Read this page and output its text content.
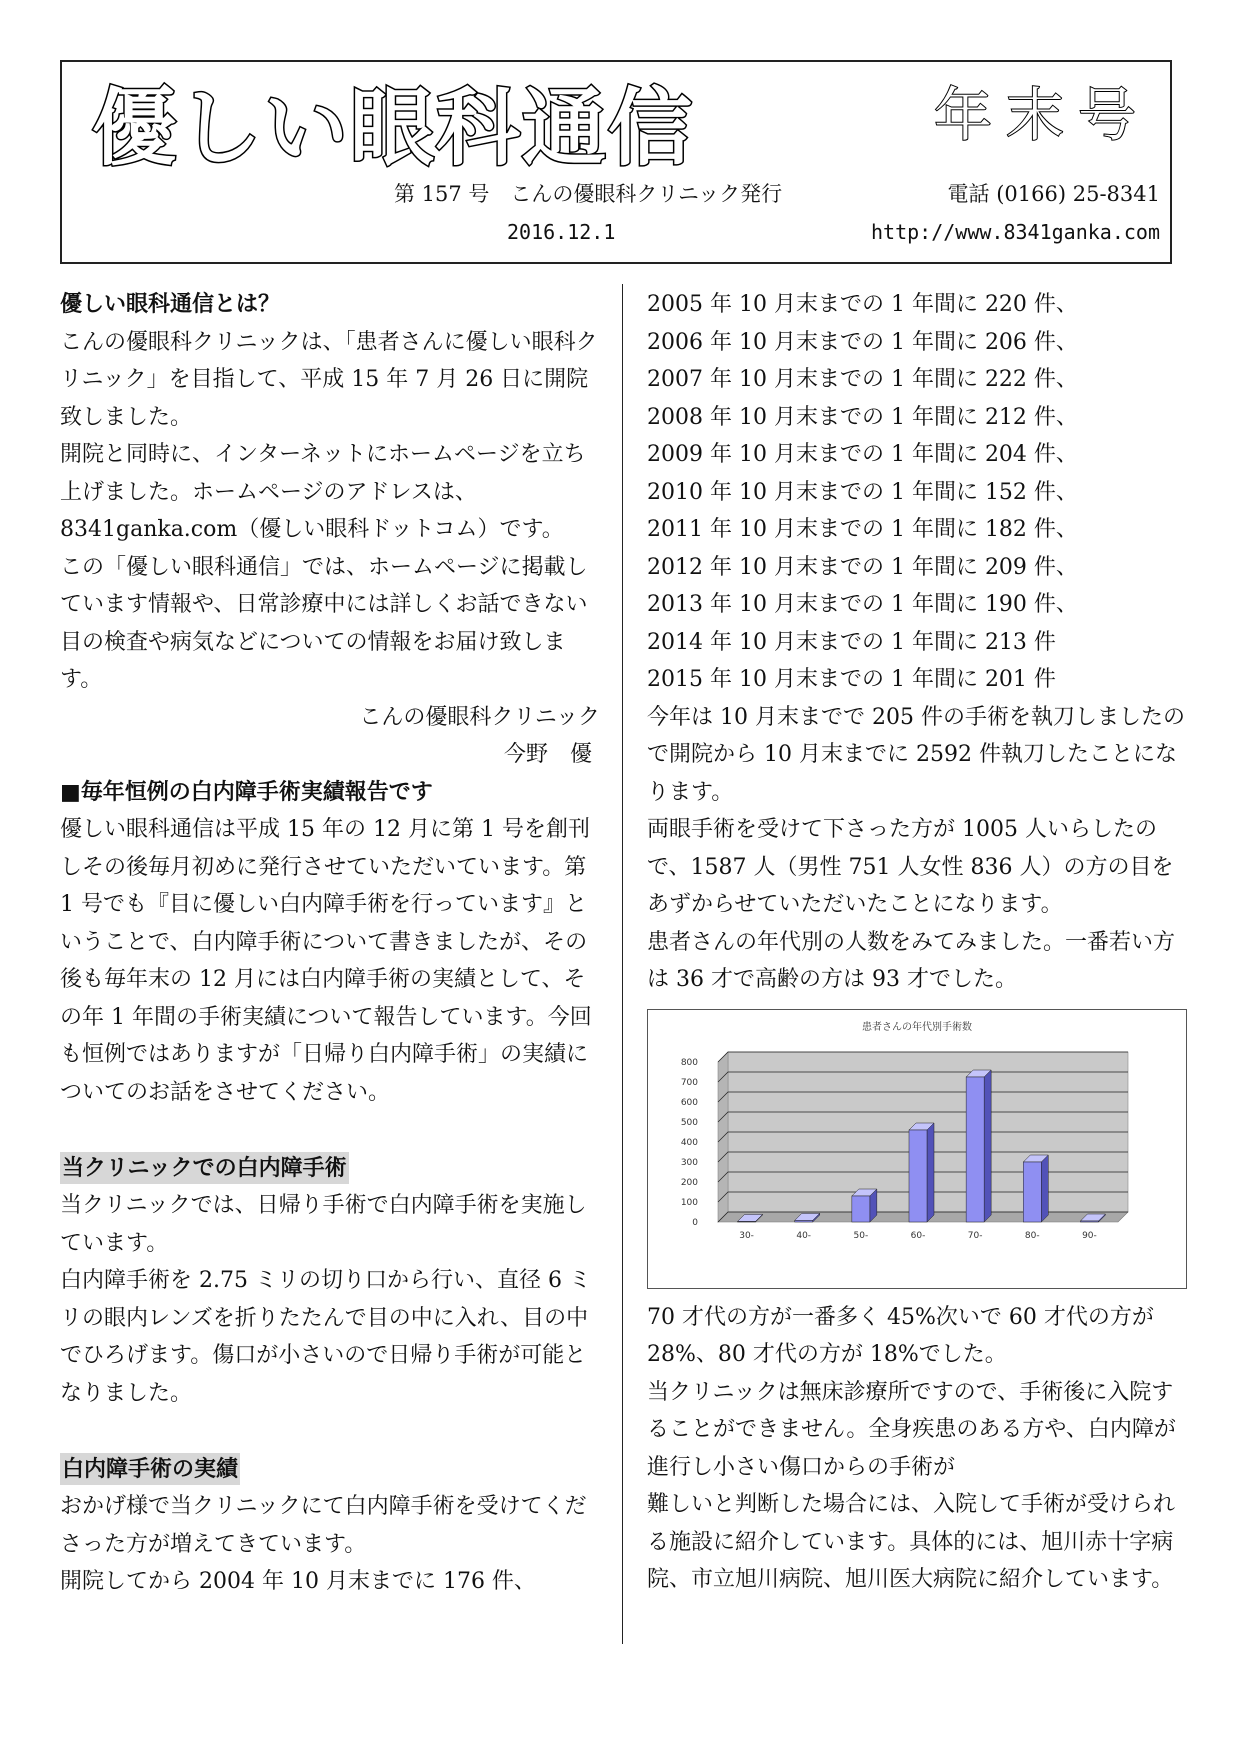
優しい眼科通信	年末号
第 157 号　こんの優眼科クリニック発行	電話 (0166) 25-8341
2016.12.1	http://www.8341ganka.com

優しい眼科通信とは？

こんの優眼科クリニックは、「患者さんに優しい眼科クリニック」を目指して、平成 15 年 7 月 26 日に開院致しました。

開院と同時に、インターネットにホームページを立ち上げました。ホームページのアドレスは、8341ganka.com（優しい眼科ドットコム）です。

この「優しい眼科通信」では、ホームページに掲載しています情報や、日常診療中には詳しくお話できない目の検査や病気などについての情報をお届け致します。

こんの優眼科クリニック

今野　優

■毎年恒例の白内障手術実績報告です

優しい眼科通信は平成 15 年の 12 月に第 1 号を創刊しその後毎月初めに発行させていただいています。第 1 号でも『目に優しい白内障手術を行っています』ということで、白内障手術について書きましたが、その後も毎年末の 12 月には白内障手術の実績として、その年 1 年間の手術実績について報告しています。今回も恒例ではありますが「日帰り白内障手術」の実績についてのお話をさせてください。

当クリニックでの白内障手術

当クリニックでは、日帰り手術で白内障手術を実施しています。

白内障手術を 2.75 ミリの切り口から行い、直径 6 ミリの眼内レンズを折りたたんで目の中に入れ、目の中でひろげます。傷口が小さいので日帰り手術が可能となりました。

白内障手術の実績

おかげ様で当クリニックにて白内障手術を受けてくださった方が増えてきています。

開院してから 2004 年 10 月末までに 176 件、

2005 年 10 月末までの 1 年間に 220 件、

2006 年 10 月末までの 1 年間に 206 件、

2007 年 10 月末までの 1 年間に 222 件、

2008 年 10 月末までの 1 年間に 212 件、

2009 年 10 月末までの 1 年間に 204 件、

2010 年 10 月末までの 1 年間に 152 件、

2011 年 10 月末までの 1 年間に 182 件、

2012 年 10 月末までの 1 年間に 209 件、

2013 年 10 月末までの 1 年間に 190 件、

2014 年 10 月末までの 1 年間に 213 件

2015 年 10 月末までの 1 年間に 201 件

今年は 10 月末までで 205 件の手術を執刀しましたので開院から 10 月末までに 2592 件執刀したことになります。

両眼手術を受けて下さった方が 1005 人いらしたので、1587 人（男性 751 人女性 836 人）の方の目をあずからせていただいたことになります。

患者さんの年代別の人数をみてみました。一番若い方は 36 才で高齢の方は 93 才でした。

患者さんの年代別手術数
0
100
200
300
400
500
600
700
800
30-	40-	50-	60-	70-	80-	90-

70 才代の方が一番多く 45%次いで 60 才代の方が 28%、80 才代の方が 18%でした。

当クリニックは無床診療所ですので、手術後に入院することができません。全身疾患のある方や、白内障が進行し小さい傷口からの手術が

難しいと判断した場合には、入院して手術が受けられる施設に紹介しています。具体的には、旭川赤十字病院、市立旭川病院、旭川医大病院に紹介しています。
